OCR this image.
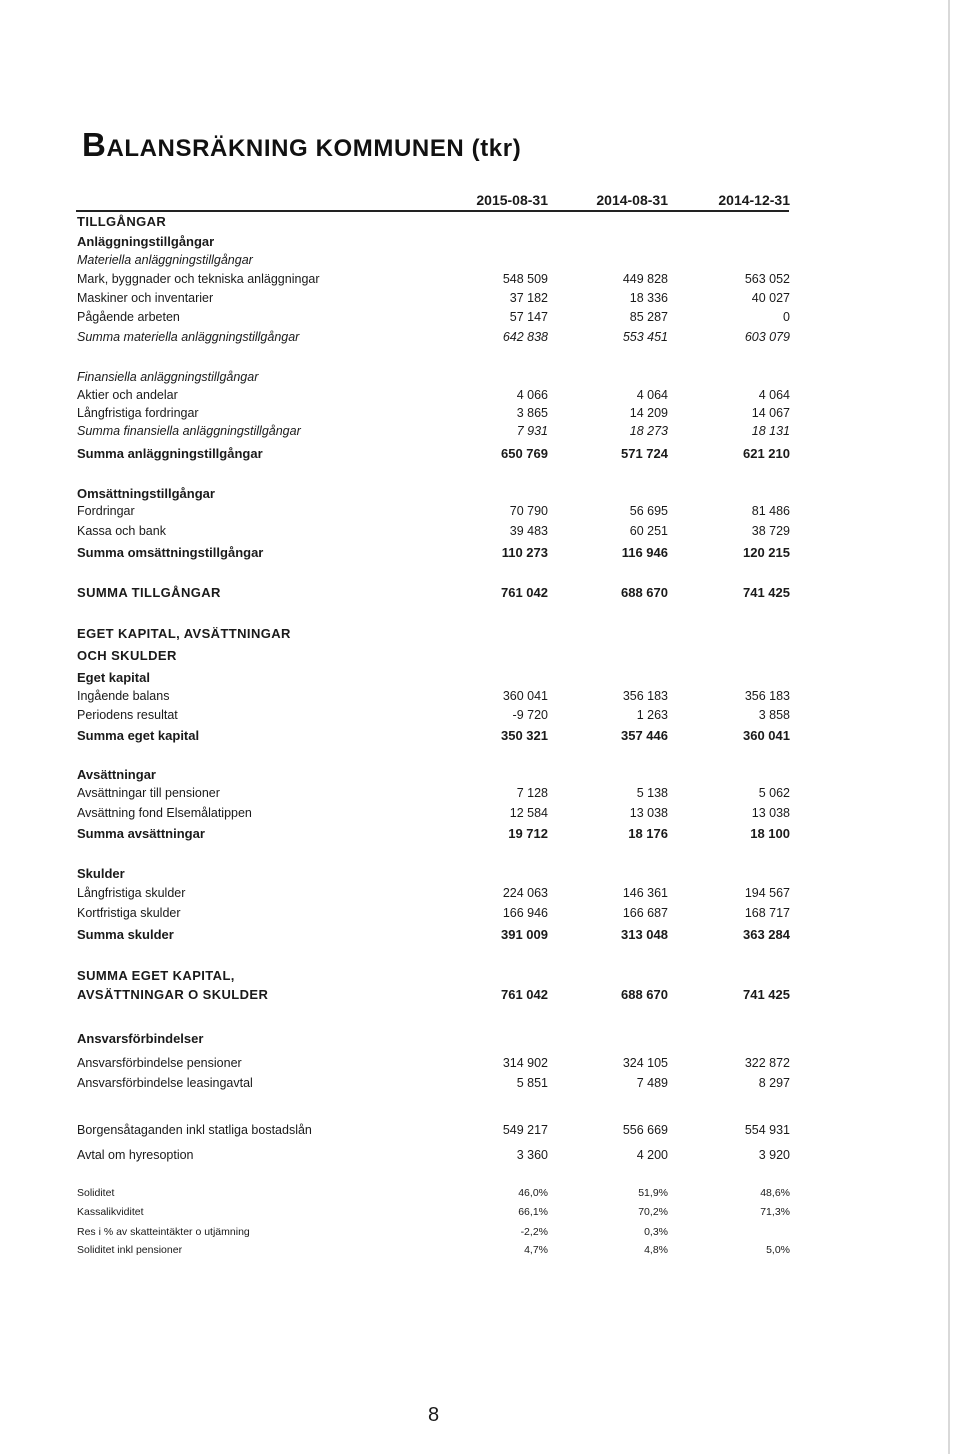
BALANSRÄKNING KOMMUNEN (tkr)
2015-08-31	2014-08-31	2014-12-31
TILLGÅNGAR
Anläggningstillgångar
Materiella anläggningstillgångar
Mark, byggnader och tekniska anläggningar	548 509	449 828	563 052
Maskiner och inventarier	37 182	18 336	40 027
Pågående arbeten	57 147	85 287	0
Summa materiella anläggningstillgångar	642 838	553 451	603 079
Finansiella anläggningstillgångar
Aktier och andelar	4 066	4 064	4 064
Långfristiga fordringar	3 865	14 209	14 067
Summa finansiella anläggningstillgångar	7 931	18 273	18 131
Summa anläggningstillgångar	650 769	571 724	621 210
Omsättningstillgångar
Fordringar	70 790	56 695	81 486
Kassa och bank	39 483	60 251	38 729
Summa omsättningstillgångar	110 273	116 946	120 215
SUMMA TILLGÅNGAR	761 042	688 670	741 425
EGET KAPITAL, AVSÄTTNINGAR
OCH SKULDER
Eget kapital
Ingående balans	360 041	356 183	356 183
Periodens resultat	-9 720	1 263	3 858
Summa eget kapital	350 321	357 446	360 041
Avsättningar
Avsättningar till pensioner	7 128	5 138	5 062
Avsättning fond Elsemålatippen	12 584	13 038	13 038
Summa avsättningar	19 712	18 176	18 100
Skulder
Långfristiga skulder	224 063	146 361	194 567
Kortfristiga skulder	166 946	166 687	168 717
Summa skulder	391 009	313 048	363 284
SUMMA EGET KAPITAL,
AVSÄTTNINGAR O SKULDER	761 042	688 670	741 425
Ansvarsförbindelser
Ansvarsförbindelse pensioner	314 902	324 105	322 872
Ansvarsförbindelse leasingavtal	5 851	7 489	8 297
Borgensåtaganden inkl statliga bostadslån	549 217	556 669	554 931
Avtal om hyresoption	3 360	4 200	3 920
Soliditet	46,0%	51,9%	48,6%
Kassalikviditet	66,1%	70,2%	71,3%
Res i % av skatteintäkter o utjämning	-2,2%	0,3%
Soliditet inkl pensioner	4,7%	4,8%	5,0%
8
